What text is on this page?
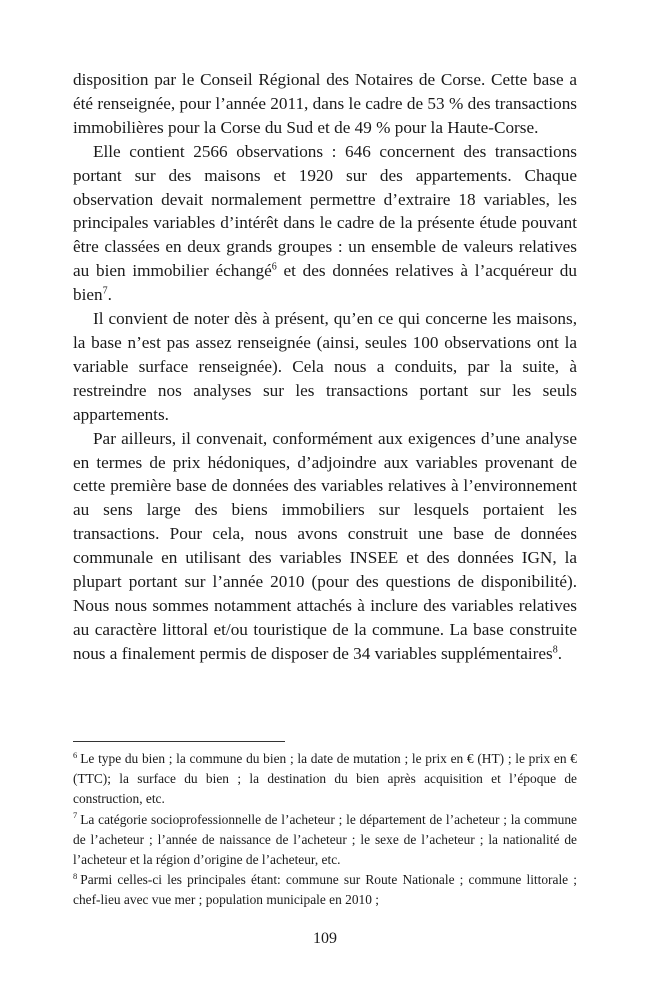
disposition par le Conseil Régional des Notaires de Corse. Cette base a été renseignée, pour l’année 2011, dans le cadre de 53 % des transactions immobilières pour la Corse du Sud et de 49 % pour la Haute-Corse.

Elle contient 2566 observations : 646 concernent des transactions portant sur des maisons et 1920 sur des appartements. Chaque observation devait normalement permettre d’extraire 18 variables, les principales variables d’intérêt dans le cadre de la présente étude pouvant être classées en deux grands groupes : un ensemble de valeurs relatives au bien immobilier échangé$^6$ et des données relatives à l’acquéreur du bien$^7$.

Il convient de noter dès à présent, qu’en ce qui concerne les maisons, la base n’est pas assez renseignée (ainsi, seules 100 observations ont la variable surface renseignée). Cela nous a conduits, par la suite, à restreindre nos analyses sur les transactions portant sur les seuls appartements.

Par ailleurs, il convenait, conformément aux exigences d’une analyse en termes de prix hédoniques, d’adjoindre aux variables provenant de cette première base de données des variables relatives à l’environnement au sens large des biens immobiliers sur lesquels portaient les transactions. Pour cela, nous avons construit une base de données communale en utilisant des variables INSEE et des données IGN, la plupart portant sur l’année 2010 (pour des questions de disponibilité). Nous nous sommes notamment attachés à inclure des variables relatives au caractère littoral et/ou touristique de la commune. La base construite nous a finalement permis de disposer de 34 variables supplémentaires$^8$.

$^6$ Le type du bien ; la commune du bien ; la date de mutation ; le prix en € (HT) ; le prix en € (TTC); la surface du bien ; la destination du bien après acquisition et l’époque de construction, etc.

$^7$ La catégorie socioprofessionnelle de l’acheteur ; le département de l’acheteur ; la commune de l’acheteur ; l’année de naissance de l’acheteur ; le sexe de l’acheteur ; la nationalité de l’acheteur et la région d’origine de l’acheteur, etc.

$^8$ Parmi celles-ci les principales étant: commune sur Route Nationale ; commune littorale ; chef-lieu avec vue mer ; population municipale en 2010 ;

109
